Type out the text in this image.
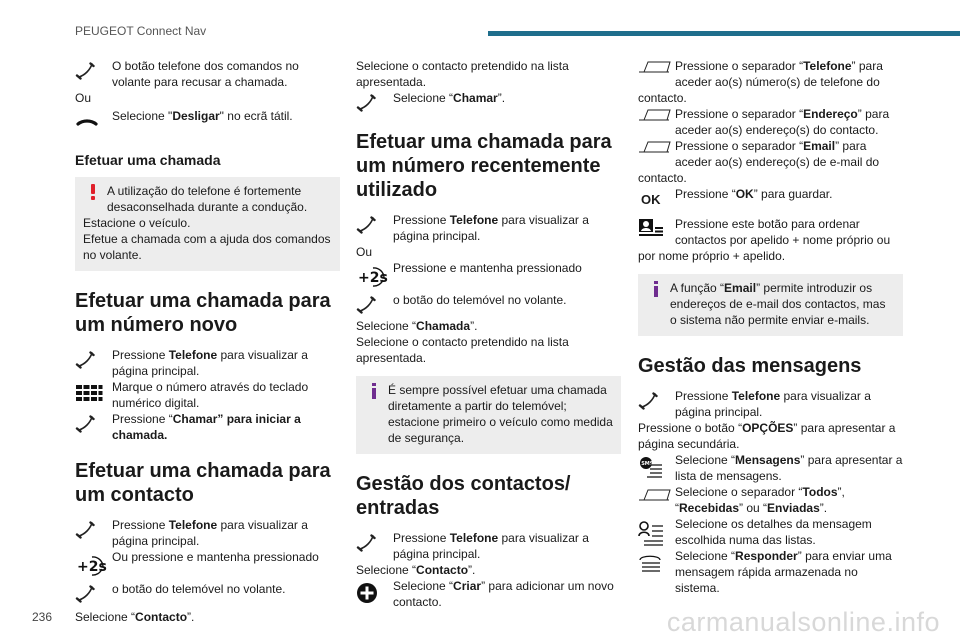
PEUGEOT Connect Nav
O botão telefone dos comandos no volante para recusar a chamada.
Ou
Selecione "Desligar" no ecrã tátil.
Efetuar uma chamada
A utilização do telefone é fortemente desaconselhada durante a condução.
Estacione o veículo.
Efetue a chamada com a ajuda dos comandos no volante.
Efetuar uma chamada para um número novo
Pressione Telefone para visualizar a página principal.
Marque o número através do teclado numérico digital.
Pressione “Chamar” para iniciar a chamada.
Efetuar uma chamada para um contacto
Pressione Telefone para visualizar a página principal.
+2s
Ou pressione e mantenha pressionado
o botão do telemóvel no volante.
Selecione “Contacto”.
Selecione o contacto pretendido na lista apresentada.
Selecione “Chamar”.
Efetuar uma chamada para um número recentemente utilizado
Pressione Telefone para visualizar a página principal.
Ou
+2s
Pressione e mantenha pressionado
o botão do telemóvel no volante.
Selecione “Chamada”.
Selecione o contacto pretendido na lista apresentada.
É sempre possível efetuar uma chamada diretamente a partir do telemóvel; estacione primeiro o veículo como medida de segurança.
Gestão dos contactos/ entradas
Pressione Telefone para visualizar a página principal.
Selecione “Contacto”.
Selecione “Criar” para adicionar um novo contacto.
Pressione o separador “Telefone” para aceder ao(s) número(s) de telefone do contacto.
Pressione o separador “Endereço” para aceder ao(s) endereço(s) do contacto.
Pressione o separador “Email” para aceder ao(s) endereço(s) de e-mail do contacto.
OK	Pressione “OK” para guardar.
Pressione este botão para ordenar contactos por apelido + nome próprio ou por nome próprio + apelido.
A função “Email” permite introduzir os endereços de e-mail dos contactos, mas o sistema não permite enviar e-mails.
Gestão das mensagens
Pressione Telefone para visualizar a página principal.
Pressione o botão “OPÇÕES” para apresentar a página secundária.
SMS Selecione “Mensagens” para apresentar a lista de mensagens.
Selecione o separador “Todos”, “Recebidas” ou “Enviadas”.
Selecione os detalhes da mensagem escolhida numa das listas.
Selecione “Responder” para enviar uma mensagem rápida armazenada no sistema.
236	carmanualsonline.info
